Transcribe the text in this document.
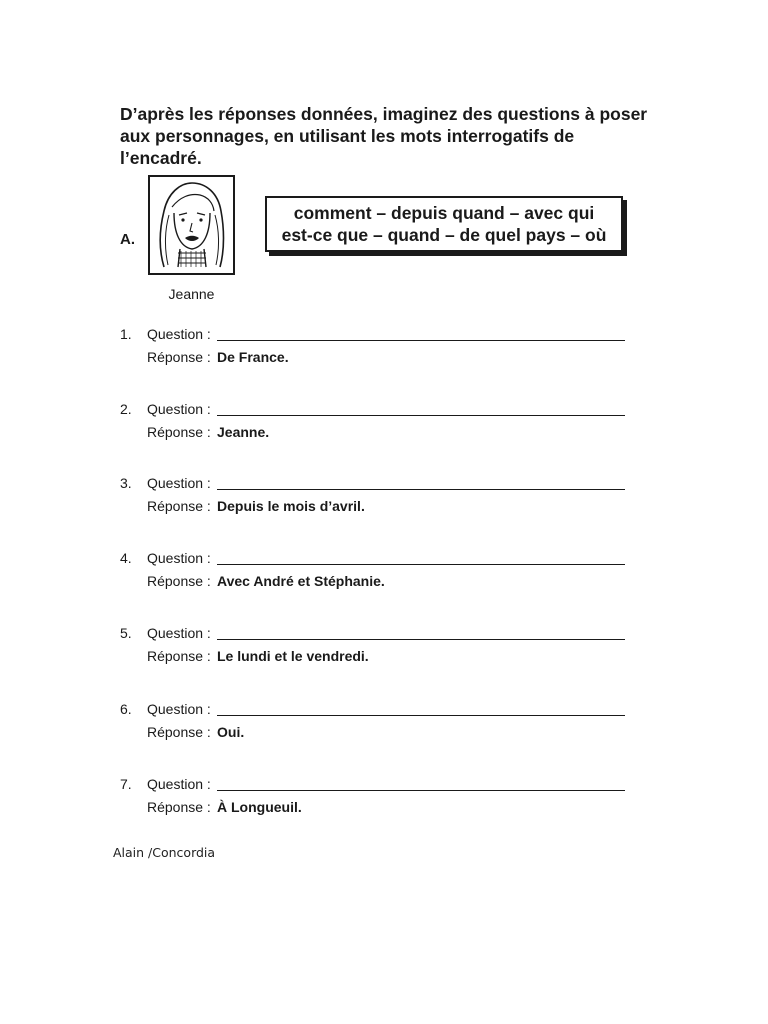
D’après les réponses données, imaginez des questions à poser
aux personnages, en utilisant les mots interrogatifs de l’encadré.
A.
Jeanne
comment – depuis quand – avec qui
est-ce que – quand – de quel pays – où
1. Question :
Réponse : De France.
2. Question :
Réponse : Jeanne.
3. Question :
Réponse : Depuis le mois d’avril.
4. Question :
Réponse : Avec André et Stéphanie.
5. Question :
Réponse : Le lundi et le vendredi.
6. Question :
Réponse : Oui.
7. Question :
Réponse : À Longueuil.
Alain /Concordia
